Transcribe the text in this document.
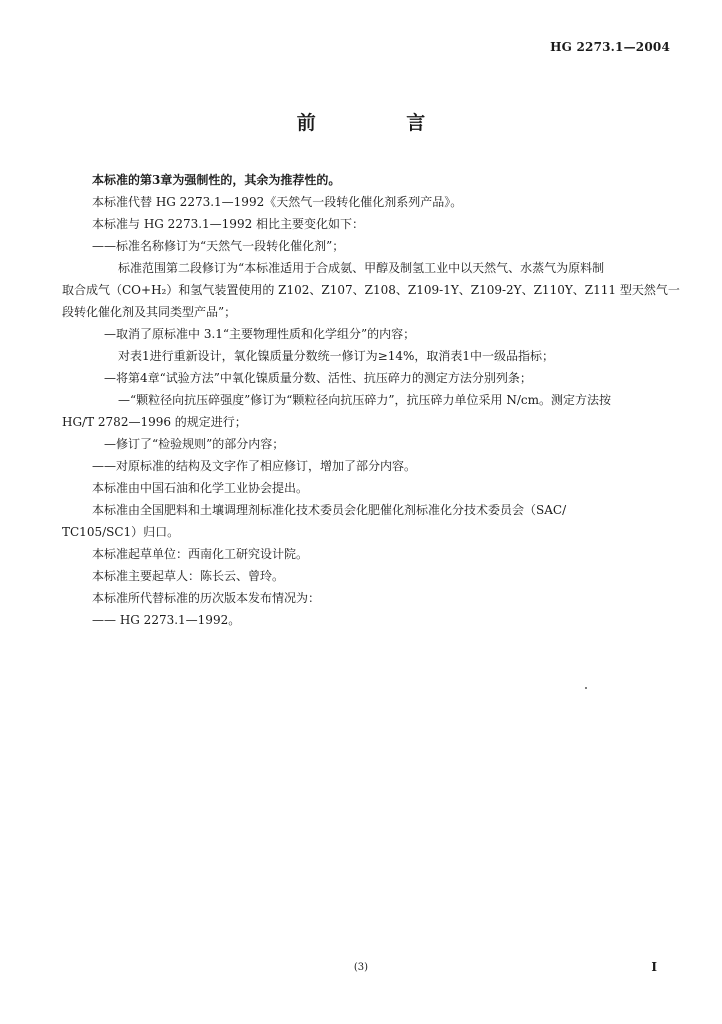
HG 2273.1—2004
前 言
本标准的第3章为强制性的，其余为推荐性的。
本标准代替 HG 2273.1—1992《天然气一段转化催化剂系列产品》。
本标准与 HG 2273.1—1992 相比主要变化如下：
——标准名称修订为“天然气一段转化催化剂”；
标准范围第二段修订为“本标准适用于合成氨、甲醇及制氢工业中以天然气、水蒸气为原料制
取合成气（CO+H₂）和氢气装置使用的 Z102、Z107、Z108、Z109-1Y、Z109-2Y、Z110Y、Z111 型天然气一
段转化催化剂及其同类型产品”；
—取消了原标准中 3.1“主要物理性质和化学组分”的内容；
对表1进行重新设计，氧化镍质量分数统一修订为≥14%，取消表1中一级品指标；
—将第4章“试验方法”中氧化镍质量分数、活性、抗压碎力的测定方法分别列条；
—“颗粒径向抗压碎强度”修订为“颗粒径向抗压碎力”，抗压碎力单位采用 N/cm。测定方法按
HG/T 2782—1996 的规定进行；
—修订了“检验规则”的部分内容；
——对原标准的结构及文字作了相应修订，增加了部分内容。
本标准由中国石油和化学工业协会提出。
本标准由全国肥料和土壤调理剂标准化技术委员会化肥催化剂标准化分技术委员会（SAC/
TC105/SC1）归口。
本标准起草单位：西南化工研究设计院。
本标准主要起草人：陈长云、曾玲。
本标准所代替标准的历次版本发布情况为：
—— HG 2273.1—1992。
(3)	I
